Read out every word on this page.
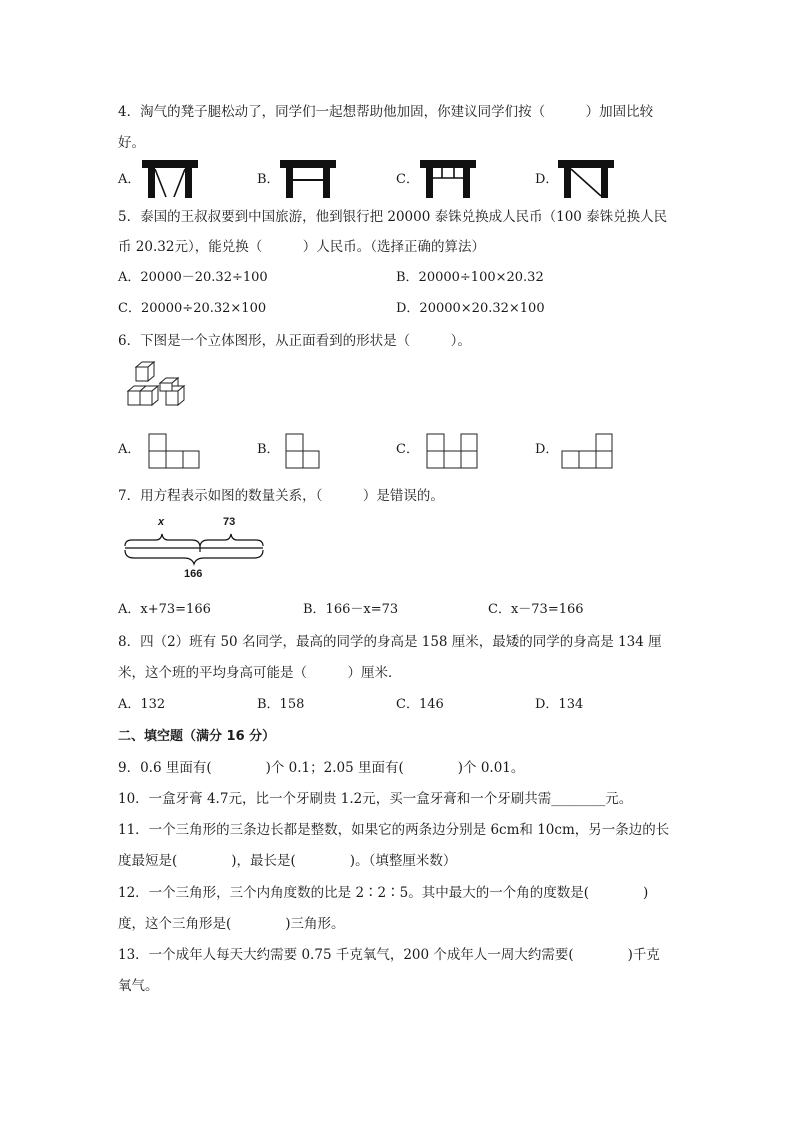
4．淘气的凳子腿松动了，同学们一起想帮助他加固，你建议同学们按（　　　）加固比较
好。
A．	B．	C．	D．
5．泰国的王叔叔要到中国旅游，他到银行把 20000 泰铢兑换成人民币（100 泰铢兑换人民
币 20.32元），能兑换（　　　）人民币。（选择正确的算法）
A．20000－20.32÷100	B．20000÷100×20.32
C．20000÷20.32×100	D．20000×20.32×100
6．下图是一个立体图形，从正面看到的形状是（　　　）。
A．	B．	C．	D．
7．用方程表示如图的数量关系，（　　　）是错误的。
x	73
166
A．x+73=166	B．166－x=73	C．x－73=166
8．四（2）班有 50 名同学，最高的同学的身高是 158 厘米，最矮的同学的身高是 134 厘
米，这个班的平均身高可能是（　　　）厘米．
A．132	B．158	C．146	D．134
二、填空题（满分 16 分）
9．0.6 里面有(　　　　)个 0.1；2.05 里面有(　　　　)个 0.01。
10．一盒牙膏 4.7元，比一个牙刷贵 1.2元，买一盒牙膏和一个牙刷共需________元。
11．一个三角形的三条边长都是整数，如果它的两条边分别是 6cm和 10cm，另一条边的长
度最短是(　　　　)，最长是(　　　　)。（填整厘米数）
12．一个三角形，三个内角度数的比是 2∶2∶5。其中最大的一个角的度数是(　　　　)
度，这个三角形是(　　　　)三角形。
13．一个成年人每天大约需要 0.75 千克氧气，200 个成年人一周大约需要(　　　　)千克
氧气。
